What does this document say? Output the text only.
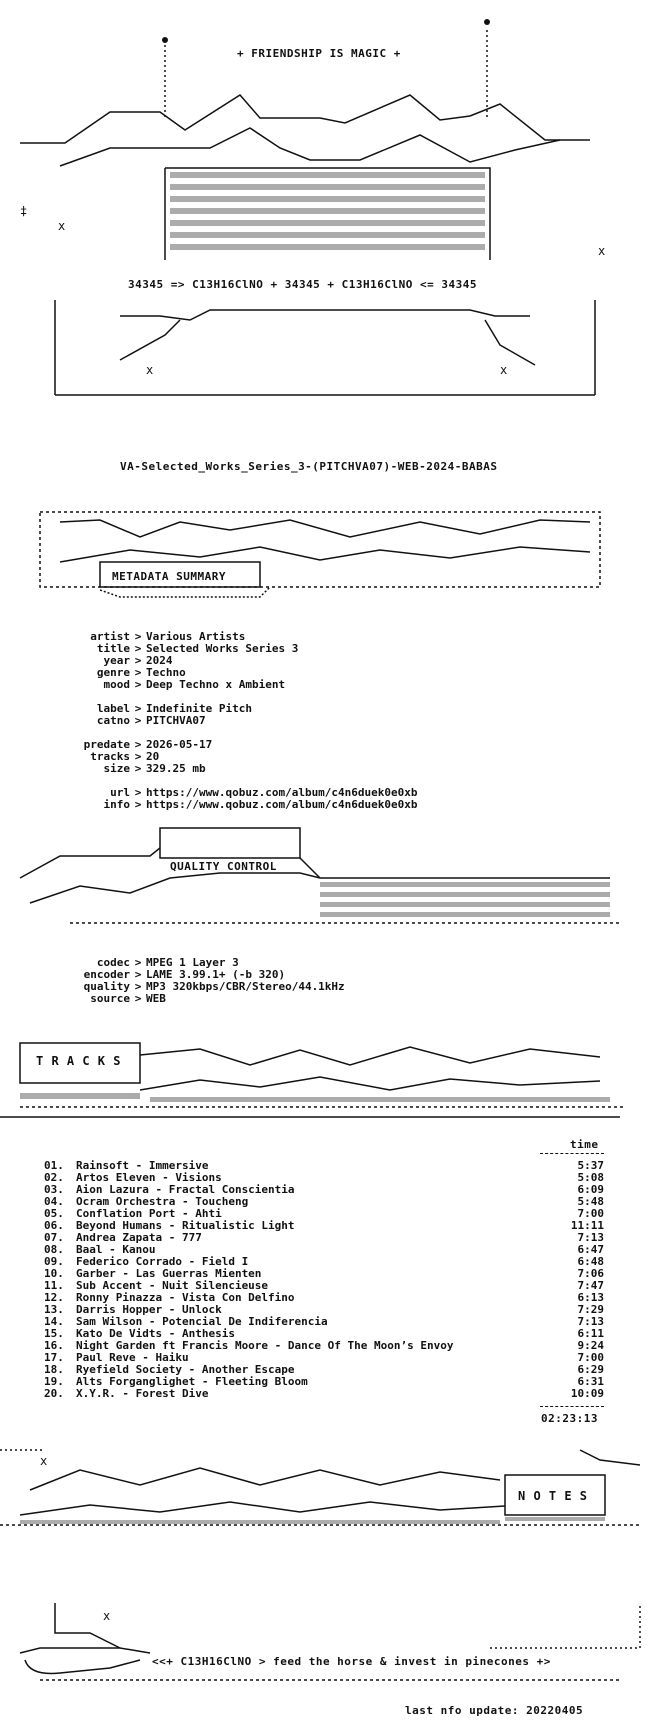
x
x
x	x
‡
+ FRIENDSHIP IS MAGIC +
34345 => C13H16ClNO + 34345 + C13H16ClNO <= 34345
VA-Selected_Works_Series_3-(PITCHVA07)-WEB-2024-BABAS
METADATA SUMMARY
artist > Various Artists
title > Selected Works Series 3
year > 2024
genre > Techno
mood > Deep Techno x Ambient
label > Indefinite Pitch
catno > PITCHVA07
predate > 2026-05-17
tracks > 20
size > 329.25 mb
url > https://www.qobuz.com/album/c4n6duek0e0xb
info > https://www.qobuz.com/album/c4n6duek0e0xb
QUALITY CONTROL
codec > MPEG 1 Layer 3
encoder > LAME 3.99.1+ (-b 320)
quality > MP3 320kbps/CBR/Stereo/44.1kHz
source > WEB
T R A C K S
time
01.	Rainsoft - Immersive	5:37
02.	Artos Eleven - Visions	5:08
03.	Aion Lazura - Fractal Conscientia	6:09
04.	Ocram Orchestra - Toucheng	5:48
05.	Conflation Port - Ahti	7:00
06.	Beyond Humans - Ritualistic Light	11:11
07.	Andrea Zapata - 777	7:13
08.	Baal - Kanou	6:47
09.	Federico Corrado - Field I	6:48
10.	Garber - Las Guerras Mienten	7:06
11.	Sub Accent - Nuit Silencieuse	7:47
12.	Ronny Pinazza - Vista Con Delfino	6:13
13.	Darris Hopper - Unlock	7:29
14.	Sam Wilson - Potencial De Indiferencia	7:13
15.	Kato De Vidts - Anthesis	6:11
16.	Night Garden ft Francis Moore - Dance Of The Moon’s Envoy	9:24
17.	Paul Reve - Haiku	7:00
18.	Ryefield Society - Another Escape	6:29
19.	Alts Forganglighet - Fleeting Bloom	6:31
20.	X.Y.R. - Forest Dive	10:09
02:23:13
x
N O T E S
x
<<+ C13H16ClNO > feed the horse & invest in pinecones +>
last nfo update: 20220405
